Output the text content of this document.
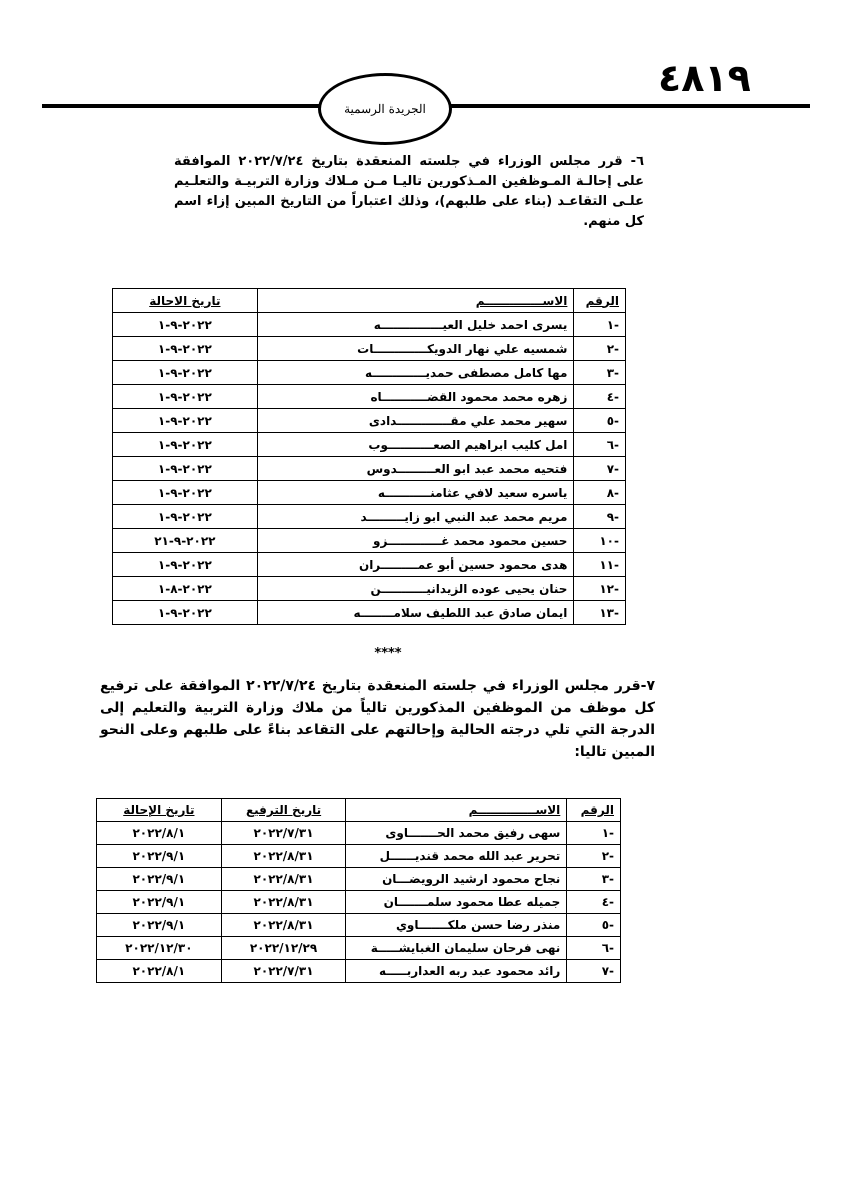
٤٨١٩
الجريدة الرسمية
٦- قرر مجلس الوزراء في جلسته المنعقدة بتاريخ ٢٠٢٢/٧/٢٤ الموافقة على إحالـة المـوظفين المـذكورين تاليـا مـن مـلاك وزارة التربيـة والتعلـيم علـى التقاعـد (بناء على طلبهم)، وذلك اعتباراً من التاريخ المبين إزاء اسم كل منهم.
الرقم	الاســــــــــــــم	تاريخ الاحالة
-١	يسرى احمد خليل العيـــــــــــــــه	٢٠٢٢-٩-١
-٢	شمسيه علي نهار الدويكـــــــــــــات	٢٠٢٢-٩-١
-٣	مها كامل مصطفى حمديـــــــــــــه	٢٠٢٢-٩-١
-٤	زهره محمد محمود القضـــــــــــاه	٢٠٢٢-٩-١
-٥	سهير محمد علي مقـــــــــــــدادى	٢٠٢٢-٩-١
-٦	امل كليب ابراهيم الصعـــــــــــوب	٢٠٢٢-٩-١
-٧	فتحيه محمد عبد ابو العـــــــــدوس	٢٠٢٢-٩-١
-٨	ياسره سعيد لافي عثامنـــــــــــه	٢٠٢٢-٩-١
-٩	مريم محمد عبد النبي ابو زايـــــــــد	٢٠٢٢-٩-١
-١٠	حسين محمود محمد غـــــــــــــزو	٢٠٢٢-٩-٢١
-١١	هدى محمود حسين أبو عمـــــــــران	٢٠٢٢-٩-١
-١٢	حنان يحيى عوده الزيدانيـــــــــــن	٢٠٢٢-٨-١
-١٣	ايمان صادق عبد اللطيف سلامــــــــه	٢٠٢٢-٩-١
****
٧-قرر مجلس الوزراء في جلسته المنعقدة بتاريخ ٢٠٢٢/٧/٢٤ الموافقة على ترفيع كل موظف من الموظفين المذكورين تالياً من ملاك وزارة التربية والتعليم إلى الدرجة التي تلي درجته الحالية وإحالتهم على التقاعد بناءً على طلبهم وعلى النحو المبين تاليا:
الرقم	الاســــــــــــــم	تاريخ الترفيع	تاريخ الإحالة
-١	سهى رفيق محمد الحـــــــاوى	٢٠٢٢/٧/٣١	٢٠٢٢/٨/١
-٢	تحرير عبد الله محمد قنديــــــل	٢٠٢٢/٨/٣١	٢٠٢٢/٩/١
-٣	نجاح محمود ارشيد الرويضـــان	٢٠٢٢/٨/٣١	٢٠٢٢/٩/١
-٤	جميله عطا محمود سلمـــــــان	٢٠٢٢/٨/٣١	٢٠٢٢/٩/١
-٥	منذر رضا حسن ملكـــــــاوي	٢٠٢٢/٨/٣١	٢٠٢٢/٩/١
-٦	نهى فرحان سليمان الغبايشـــــة	٢٠٢٢/١٢/٢٩	٢٠٢٢/١٢/٣٠
-٧	رائد محمود عبد ربه العداربـــــه	٢٠٢٢/٧/٣١	٢٠٢٢/٨/١
